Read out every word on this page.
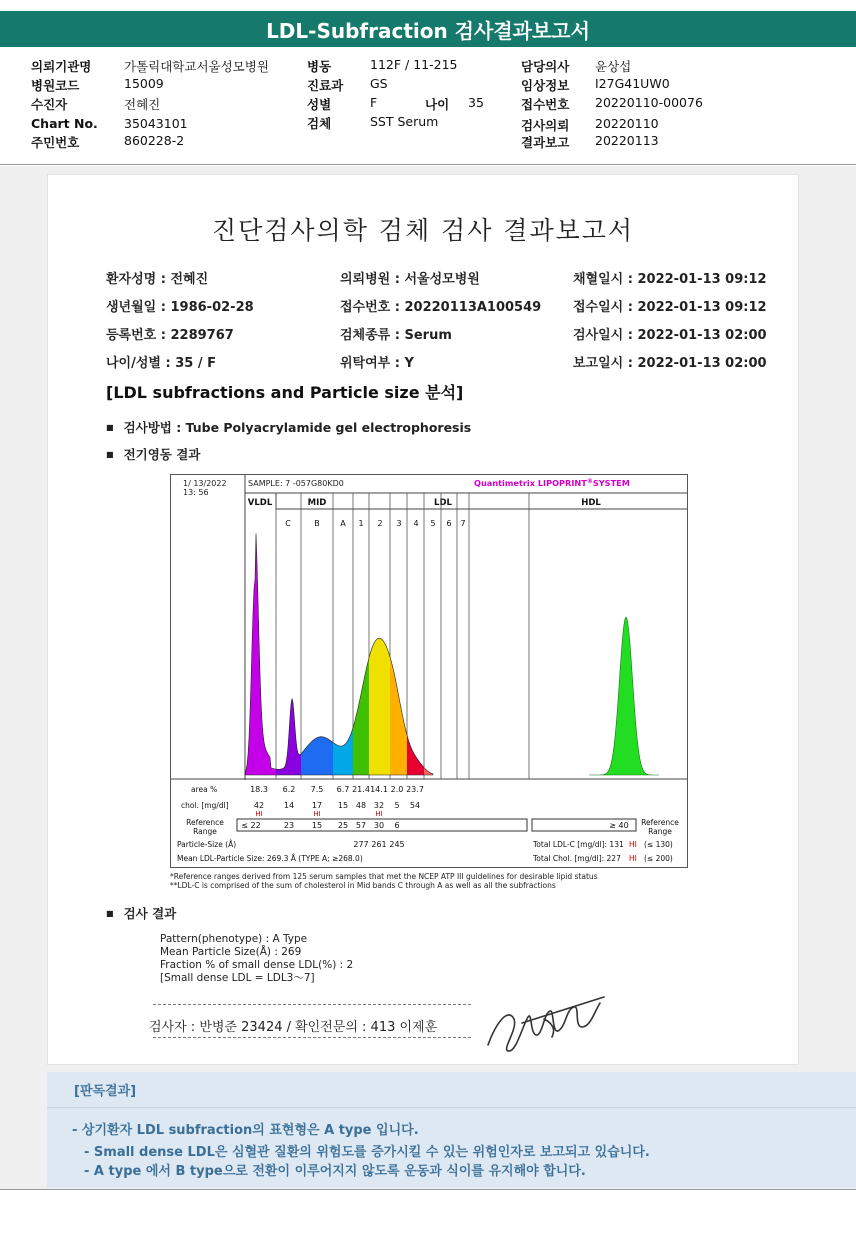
LDL-Subfraction 검사결과보고서
의뢰기관명	가톨릭대학교서울성모병원
병원코드	15009
수진자	전혜진
Chart No. 35043101
주민번호	860228-2
병동	112F / 11-215
진료과 GS
성별	F	나이 35
검체	SST Serum
담당의사 윤상섭
임상정보 I27G41UW0
접수번호 20220110-00076
검사의뢰 20220110
결과보고 20220113
진단검사의학 검체 검사 결과보고서
환자성명 : 전혜진	의뢰병원 : 서울성모병원	채혈일시 : 2022-01-13 09:12
생년월일 : 1986-02-28	접수번호 : 20220113A100549 접수일시 : 2022-01-13 09:12
등록번호 : 2289767	검체종류 : Serum	검사일시 : 2022-01-13 02:00
나이/성별 : 35 / F	위탁여부 : Y	보고일시 : 2022-01-13 02:00
[LDL subfractions and Particle size 분석]
■ 검사방법 : Tube Polyacrylamide gel electrophoresis
■ 전기영동 결과
1/ 13/2022
13: 56
SAMPLE: 7 -057G80KD0	Quantimetrix LIPOPRINT®SYSTEM
VLDL	MID	LDL	HDL
C	B	A 1 2 3 4 5 6 7
area %	18.3 6.2 7.5 6.7 21.4 14.1 2.0 23.7
chol. [mg/dl]	42 14 17 15 48 32 5 54
HI	HI	HI
Reference
Range
≤ 22	23 15 25 57 30 6	≥ 40 Reference
Range
Particle-Size (Å)	277 261 245
Mean LDL-Particle Size: 269.3 Å (TYPE A; ≥268.0)
Total LDL-C [mg/dl]: 131 HI (≤ 130)
Total Chol. [mg/dl]: 227 HI (≤ 200)
*Reference ranges derived from 125 serum samples that met the NCEP ATP III guidelines for desirable lipid status
**LDL-C is comprised of the sum of cholesterol in Mid bands C through A as well as all the subfractions
■ 검사 결과
Pattern(phenotype) : A Type
Mean Particle Size(Å) : 269
Fraction % of small dense LDL(%) : 2
[Small dense LDL = LDL3～7]
검사자 : 반병준 23424 / 확인전문의 : 413 이제훈
[판독결과]
- 상기환자 LDL subfraction의 표현형은 A type 입니다.
- Small dense LDL은 심혈관 질환의 위험도를 증가시킬 수 있는 위험인자로 보고되고 있습니다.
- A type 에서 B type으로 전환이 이루어지지 않도록 운동과 식이를 유지해야 합니다.
